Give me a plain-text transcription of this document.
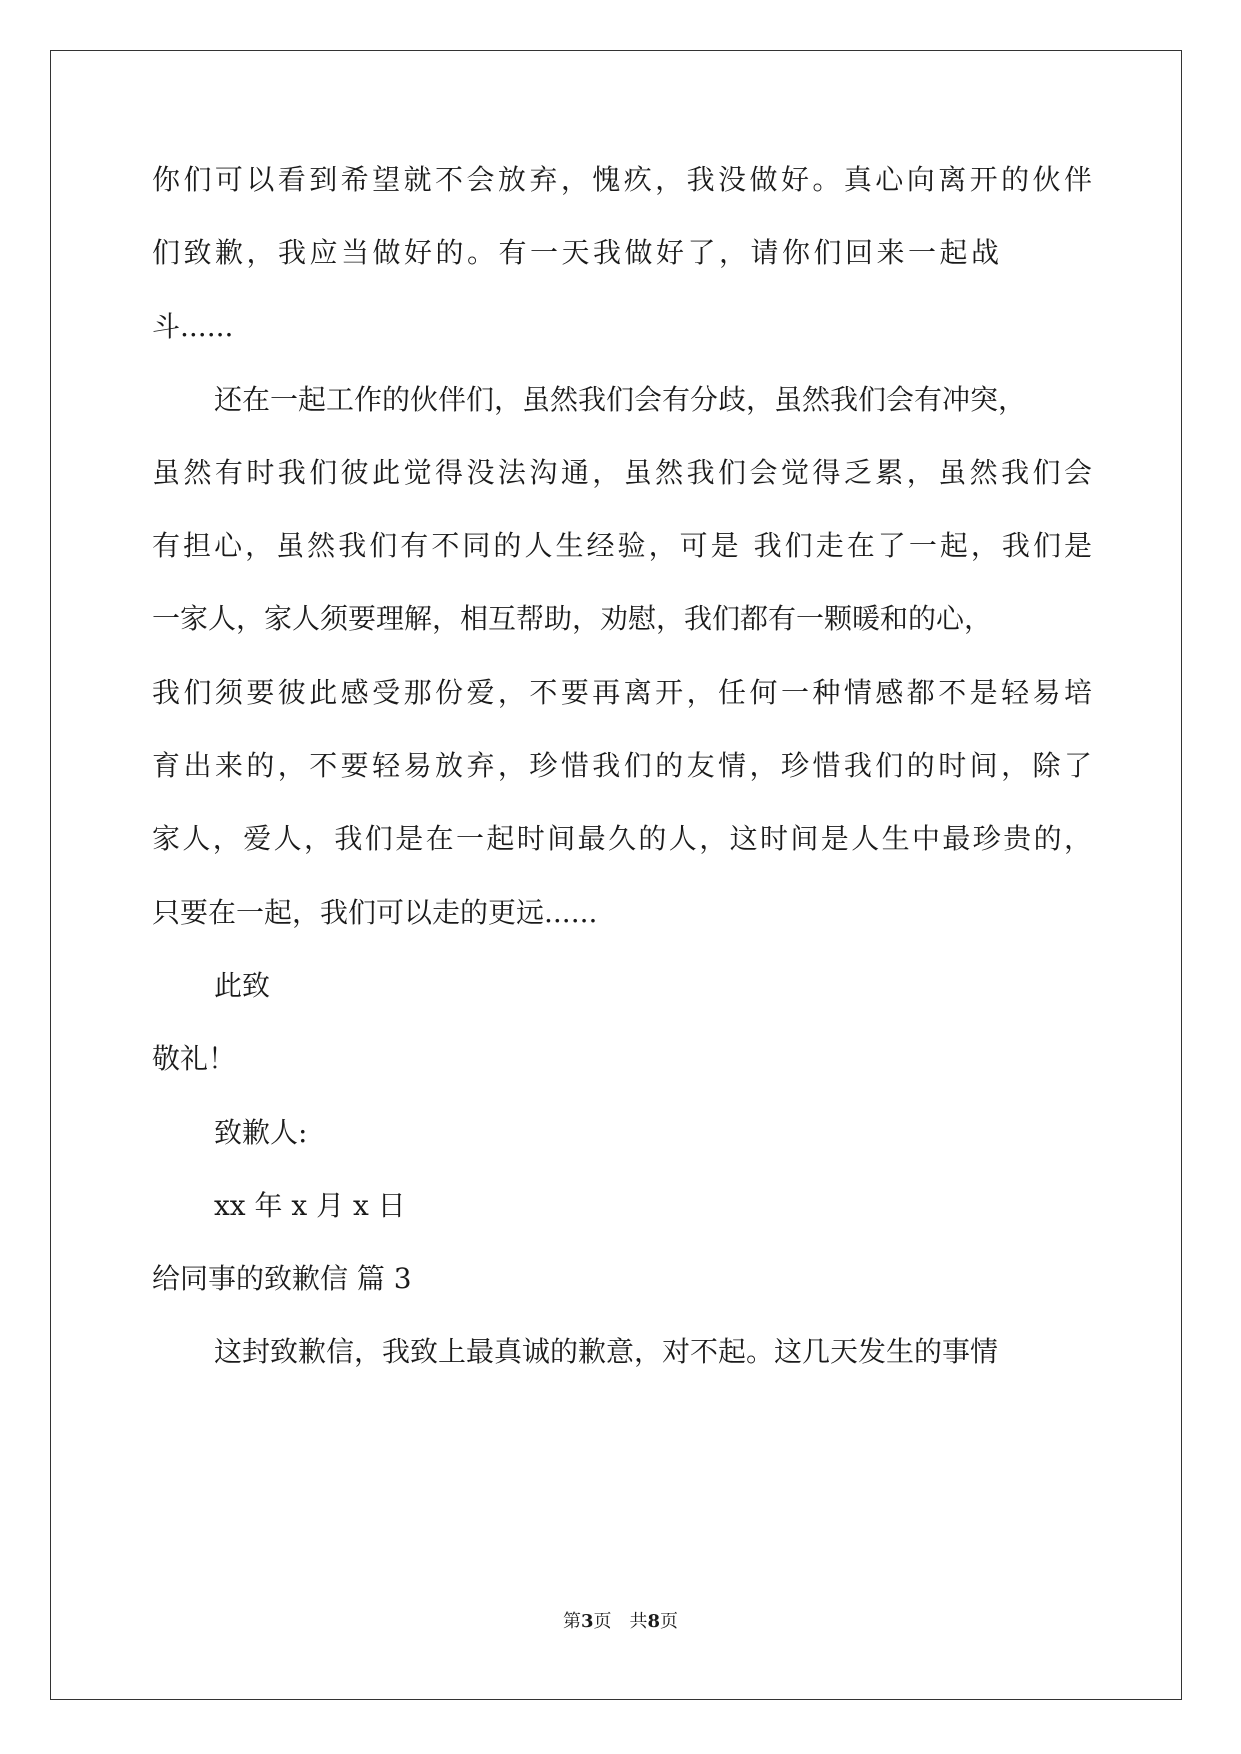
你们可以看到希望就不会放弃，愧疚，我没做好。真心向离开的伙伴
们致歉，我应当做好的。有一天我做好了，请你们回来一起战
斗......
还在一起工作的伙伴们，虽然我们会有分歧，虽然我们会有冲突，
虽然有时我们彼此觉得没法沟通，虽然我们会觉得乏累，虽然我们会
有担心，虽然我们有不同的人生经验，可是 我们走在了一起，我们是
一家人，家人须要理解，相互帮助，劝慰，我们都有一颗暖和的心，
我们须要彼此感受那份爱，不要再离开，任何一种情感都不是轻易培
育出来的，不要轻易放弃，珍惜我们的友情，珍惜我们的时间，除了
家人，爱人，我们是在一起时间最久的人，这时间是人生中最珍贵的，
只要在一起，我们可以走的更远......
此致
敬礼！
致歉人:
xx 年 x 月 x 日
给同事的致歉信 篇 3
这封致歉信，我致上最真诚的歉意，对不起。这几天发生的事情
第3页 共8页
